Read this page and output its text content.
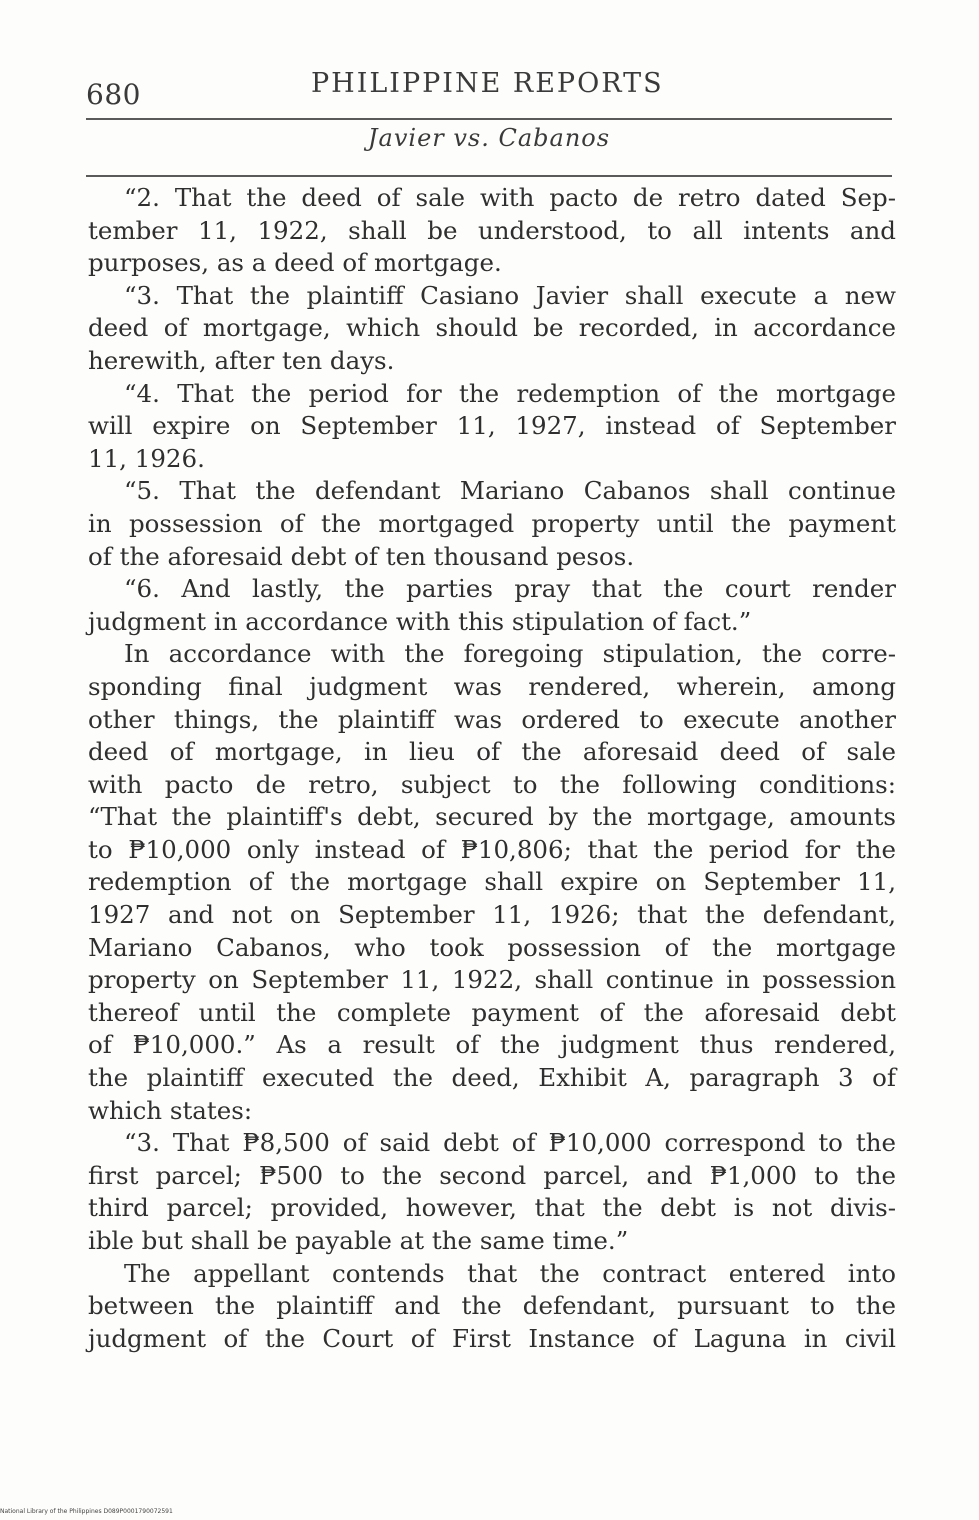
680	PHILIPPINE REPORTS
Javier vs. Cabanos
“2. That the deed of sale with pacto de retro dated Sep-
tember 11, 1922, shall be understood, to all intents and
purposes, as a deed of mortgage.
“3. That the plaintiff Casiano Javier shall execute a new
deed of mortgage, which should be recorded, in accordance
herewith, after ten days.
“4. That the period for the redemption of the mortgage
will expire on September 11, 1927, instead of September
11, 1926.
“5. That the defendant Mariano Cabanos shall continue
in possession of the mortgaged property until the payment
of the aforesaid debt of ten thousand pesos.
“6. And lastly, the parties pray that the court render
judgment in accordance with this stipulation of fact.”
In accordance with the foregoing stipulation, the corre-
sponding final judgment was rendered, wherein, among
other things, the plaintiff was ordered to execute another
deed of mortgage, in lieu of the aforesaid deed of sale
with pacto de retro, subject to the following conditions:
“That the plaintiff's debt, secured by the mortgage, amounts
to ₱10,000 only instead of ₱10,806; that the period for the
redemption of the mortgage shall expire on September 11,
1927 and not on September 11, 1926; that the defendant,
Mariano Cabanos, who took possession of the mortgage
property on September 11, 1922, shall continue in possession
thereof until the complete payment of the aforesaid debt
of ₱10,000.” As a result of the judgment thus rendered,
the plaintiff executed the deed, Exhibit A, paragraph 3 of
which states:
“3. That ₱8,500 of said debt of ₱10,000 correspond to the
first parcel; ₱500 to the second parcel, and ₱1,000 to the
third parcel; provided, however, that the debt is not divis-
ible but shall be payable at the same time.”
The appellant contends that the contract entered into
between the plaintiff and the defendant, pursuant to the
judgment of the Court of First Instance of Laguna in civil
National Library of the Philippines D089P0001790072591
